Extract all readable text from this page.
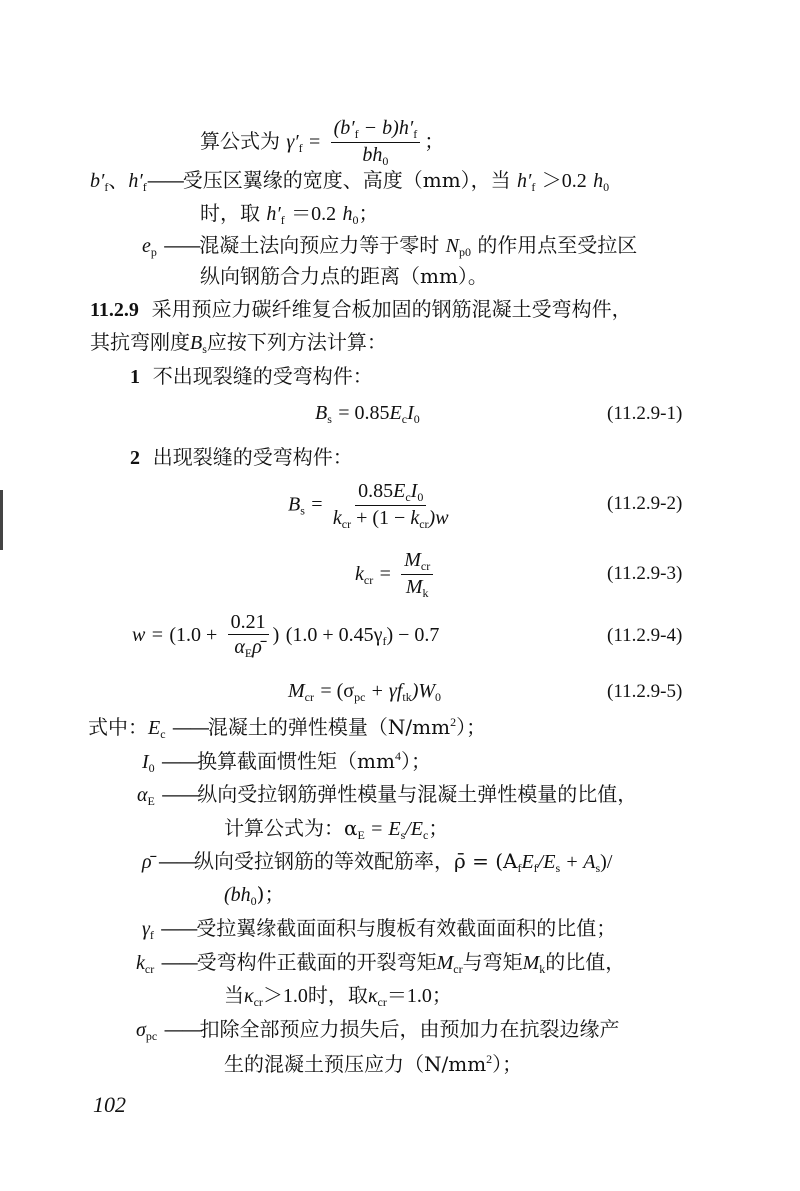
算公式为 $\gamma'_f = \frac{(b'_f - b)h'_f}{bh_0}$ ；
$b'_f$、$h'_f——$受压区翼缘的宽度、高度（mm），当 $h'_f >0.2$ $h_0$
时，取 $h'_f =0.2$ $h_0$；
$e_p$ ——混凝土法向预应力等于零时 $N_{p0}$ 的作用点至受拉区
纵向钢筋合力点的距离（mm）。
11.2.9 采用预应力碳纤维复合板加固的钢筋混凝土受弯构件，
其抗弯刚度$B_s$应按下列方法计算：
1 不出现裂缝的受弯构件：
$B_s = 0.85E_cI_0$	(11.2.9-1)
2 出现裂缝的受弯构件：
$B_s = \frac{0.85E_cI_0}{k_{cr} + (1 - k_{cr})w}$	(11.2.9-2)
$k_{cr} = \frac{M_{cr}}{M_k}$	(11.2.9-3)
$w = (1.0 + \frac{0.21}{\alpha_E\rhō}$ ) $(1.0 + 0.45\gamma_f) - 0.7$	(11.2.9-4)
$M_{cr} = (\sigma_{pc} + \gamma f_{tk})W_0$	(11.2.9-5)
式中：$E_c$ ——混凝土的弹性模量$(N/mm^2)$；
$I_0$ ——换算截面惯性矩$(mm^4)$；
$\alpha_E$ ——纵向受拉钢筋弹性模量与混凝土弹性模量的比值，
计算公式为：$\alpha_E = E_s/E_c$；
ρ̄ ——纵向受拉钢筋的等效配筋率，ρ̄ = $(A_fE_f/E_s + A_s)/$
$(bh_0)$；
$\gamma_f$ ——受拉翼缘截面面积与腹板有效截面面积的比值；
$k_{cr}$ ——受弯构件正截面的开裂弯矩$M_{cr}$与弯矩$M_k$的比值，
当$\kappa_{cr}>1.0$时，取$\kappa_{cr}=1.0$；
$\sigma_{pc}$ ——扣除全部预应力损失后，由预加力在抗裂边缘产
生的混凝土预压应力$(N/mm^2)$；
102
